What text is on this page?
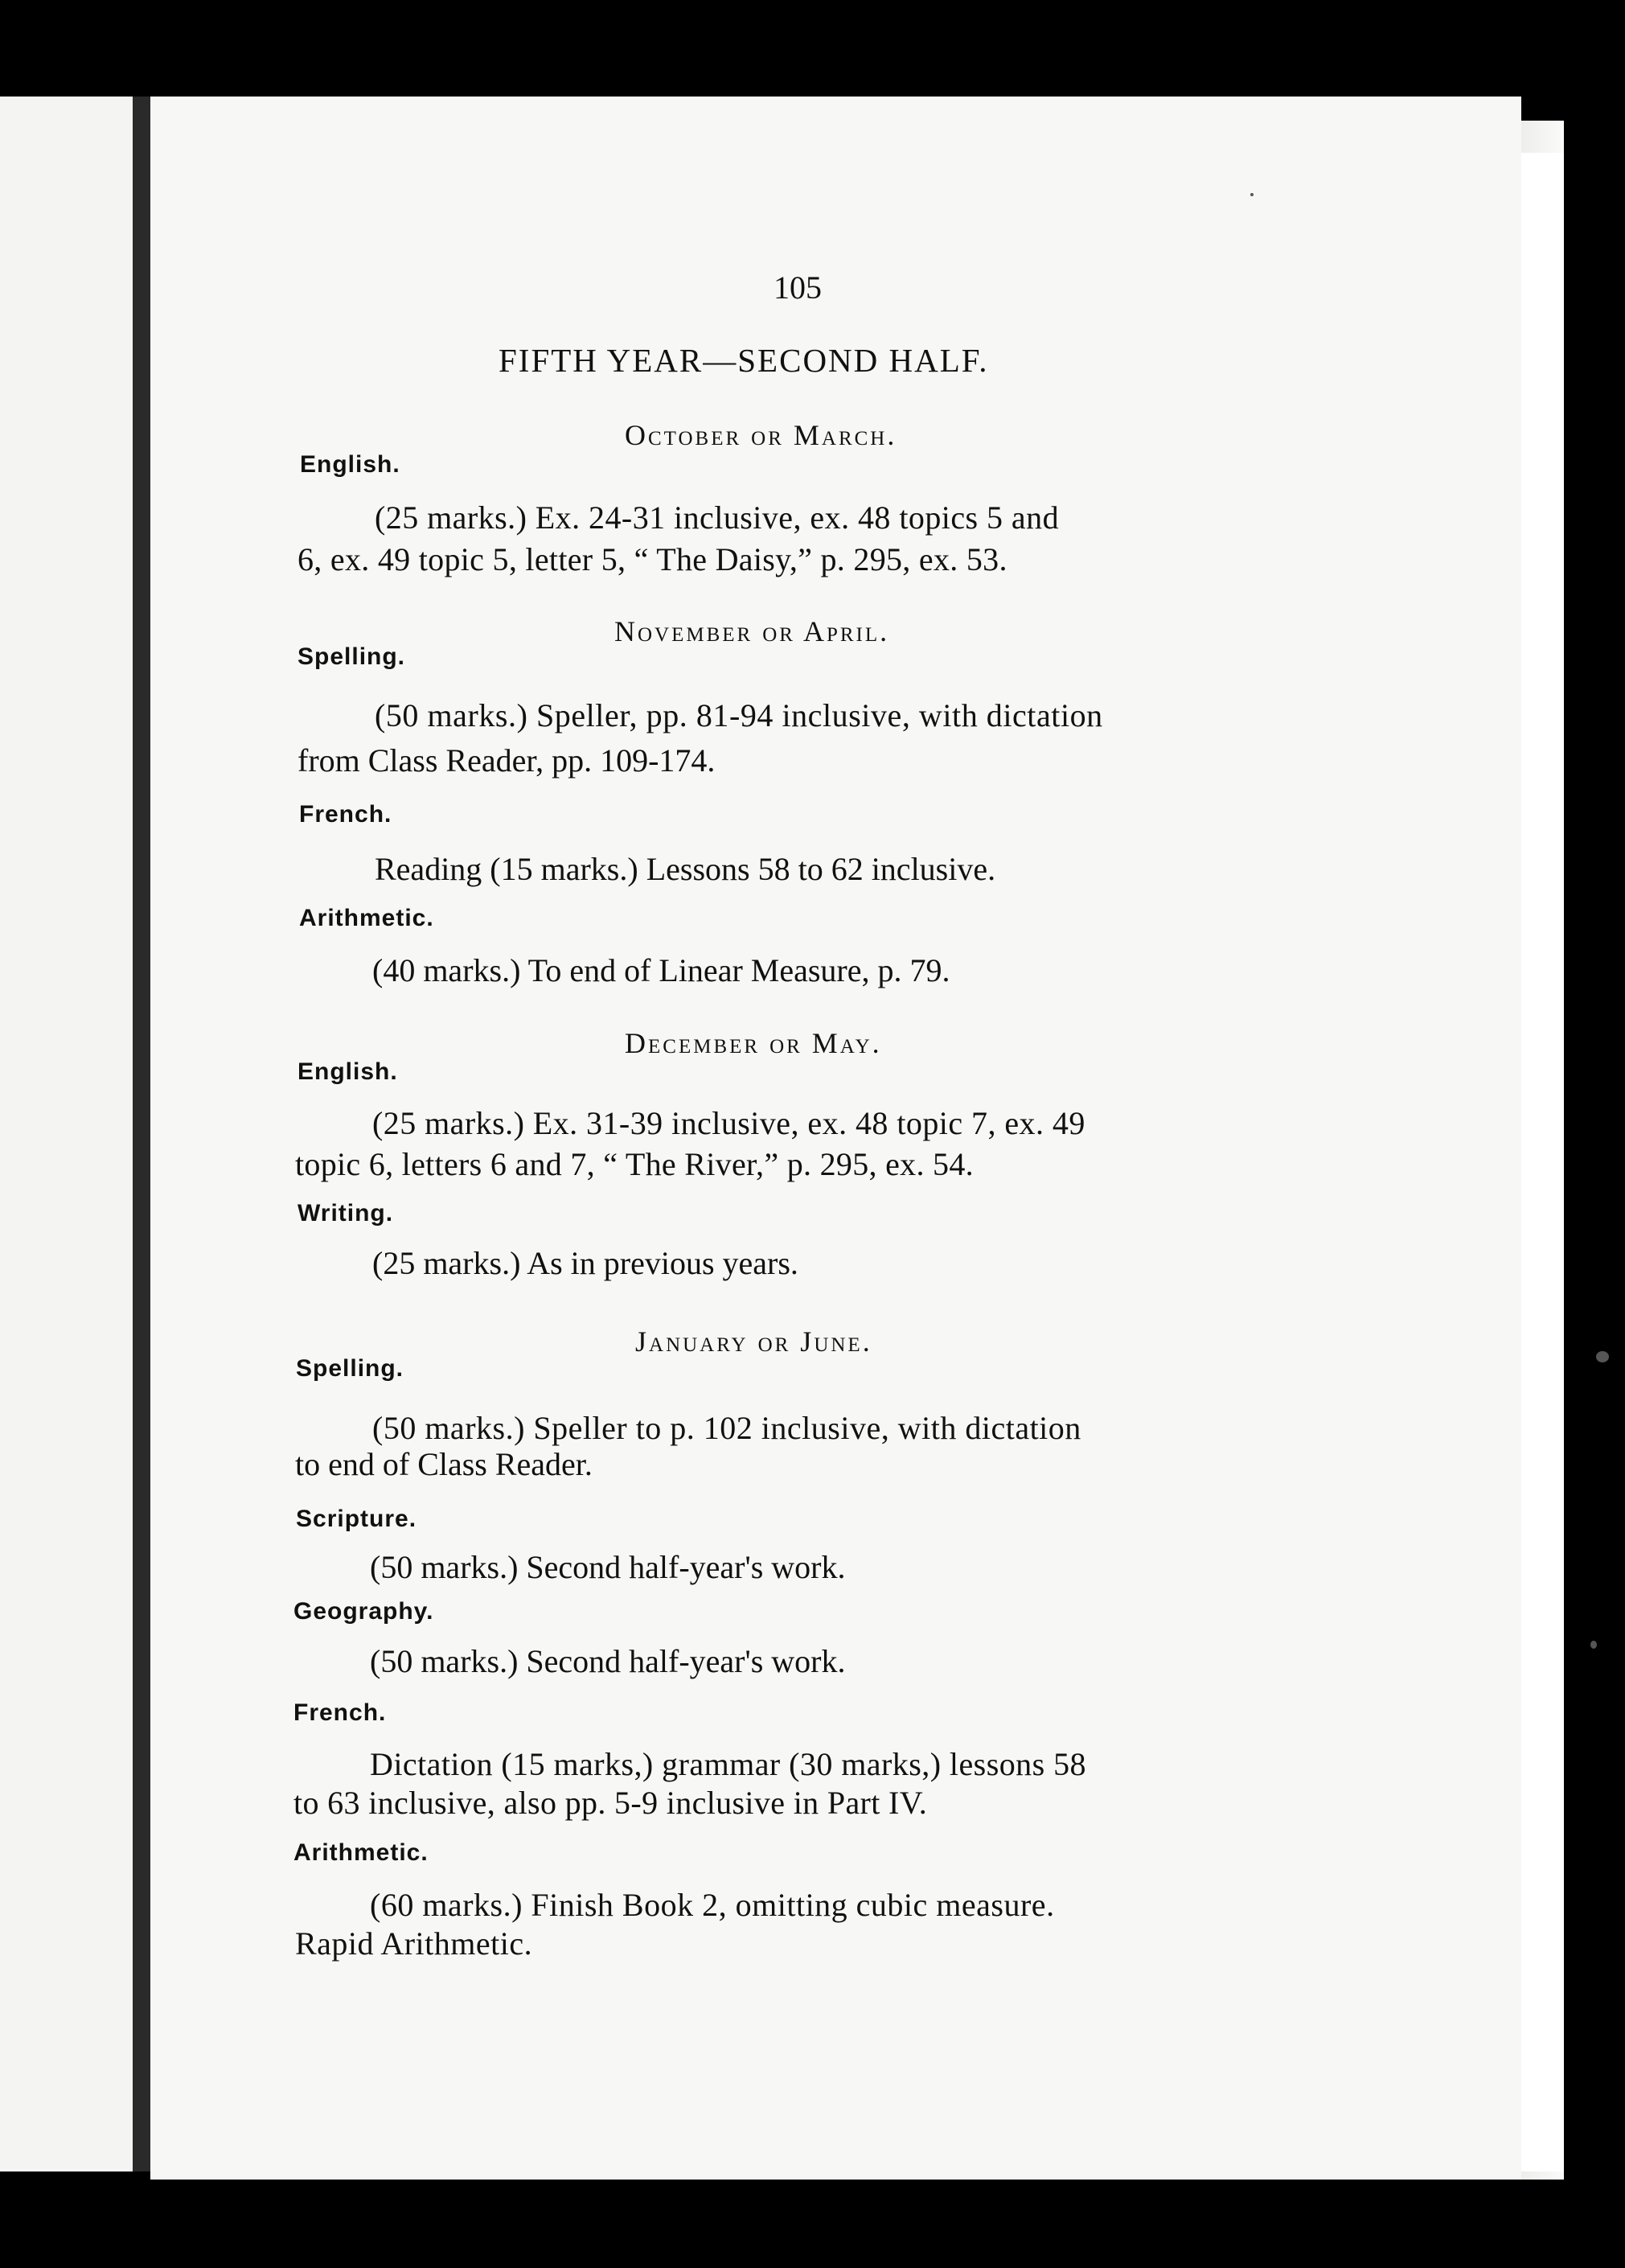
105
FIFTH YEAR—SECOND HALF.
October or March.
English.
(25 marks.) Ex. 24-31 inclusive, ex. 48 topics 5 and
6, ex. 49 topic 5, letter 5, “ The Daisy,” p. 295, ex. 53.
November or April.
Spelling.
(50 marks.) Speller, pp. 81-94 inclusive, with dictation
from Class Reader, pp. 109-174.
French.
Reading (15 marks.) Lessons 58 to 62 inclusive.
Arithmetic.
(40 marks.) To end of Linear Measure, p. 79.
December or May.
English.
(25 marks.) Ex. 31-39 inclusive, ex. 48 topic 7, ex. 49
topic 6, letters 6 and 7, “ The River,” p. 295, ex. 54.
Writing.
(25 marks.) As in previous years.
January or June.
Spelling.
(50 marks.) Speller to p. 102 inclusive, with dictation
to end of Class Reader.
Scripture.
(50 marks.) Second half-year's work.
Geography.
(50 marks.) Second half-year's work.
French.
Dictation (15 marks,) grammar (30 marks,) lessons 58
to 63 inclusive, also pp. 5-9 inclusive in Part IV.
Arithmetic.
(60 marks.) Finish Book 2, omitting cubic measure.
Rapid Arithmetic.
